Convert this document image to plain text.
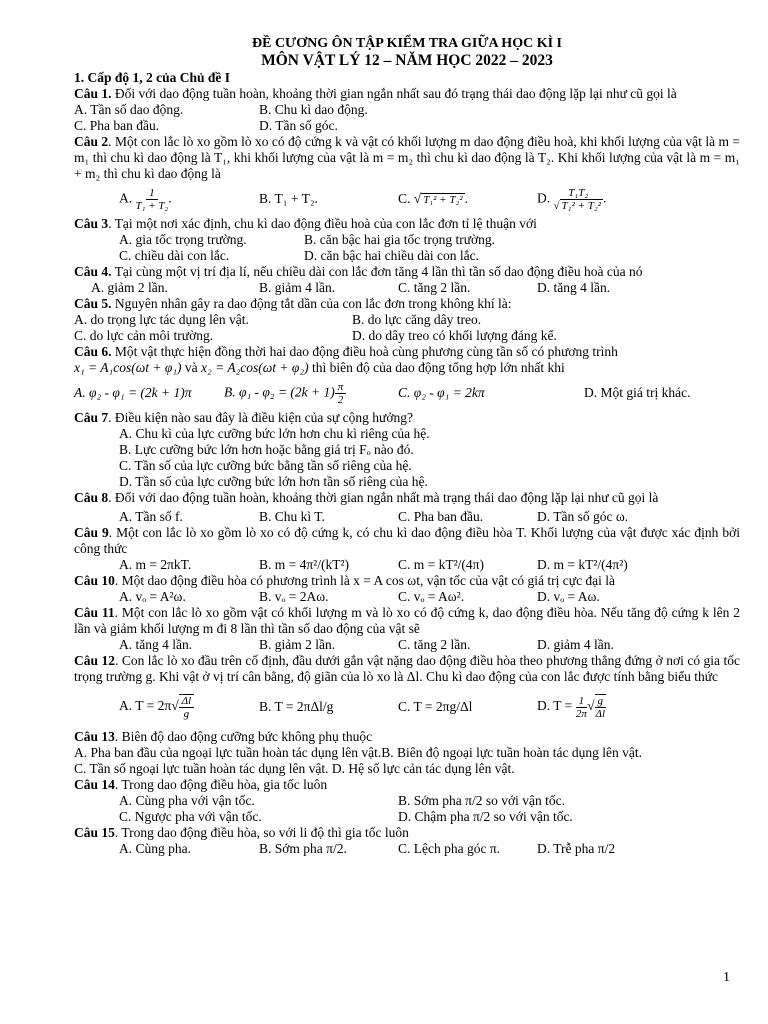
ĐỀ CƯƠNG ÔN TẬP KIỂM TRA GIỮA HỌC KÌ I
MÔN VẬT LÝ 12 – NĂM HỌC 2022 – 2023
1. Cấp độ 1, 2 của Chủ đề I
Câu 1. Đối với dao động tuần hoàn, khoảng thời gian ngắn nhất sau đó trạng thái dao động lặp lại như cũ gọi là
A. Tần số dao động.	B. Chu kì dao động.
C. Pha ban đầu.	D. Tần số góc.
Câu 2. Một con lắc lò xo gồm lò xo có độ cứng k và vật có khối lượng m dao động điều hoà, khi khối lượng của vật là m = m₁ thì chu kì dao động là T₁, khi khối lượng của vật là m = m₂ thì chu kì dao động là T₂. Khi khối lượng của vật là m = m₁ + m₂ thì chu kì dao động là
A. $\frac{1}{\text{T₁ + T₂}}$ .	B. T₁ + T₂.	C. √ T₁² + T₂² .	D. $\frac{\text{T₁T₂}}{\text{√ T₁² + T₂²}}$ .
Câu 3. Tại một nơi xác định, chu kì dao động điều hoà của con lắc đơn tỉ lệ thuận với
A. gia tốc trọng trường.	B. căn bậc hai gia tốc trọng trường.
C. chiều dài con lắc.	D. căn bậc hai chiều dài con lắc.
Câu 4. Tại cùng một vị trí địa lí, nếu chiều dài con lắc đơn tăng 4 lần thì tần số dao động điều hoà của nó
A. giảm 2 lần.	B. giảm 4 lần.	C. tăng 2 lần.	D. tăng 4 lần.
Câu 5. Nguyên nhân gây ra dao động tắt dần của con lắc đơn trong không khí là:
A. do trọng lực tác dụng lên vật.	B. do lực căng dây treo.
C. do lực cản môi trường.	D. do dây treo có khối lượng đáng kể.
Câu 6. Một vật thực hiện đồng thời hai dao động điều hoà cùng phương cùng tần số có phương trình
x₁ = A₁cos(ωt + φ₁) và x₂ = A₂cos(ωt + φ₂) thì biên độ của dao động tổng hợp lớn nhất khi
A. φ₂ - φ₁ = (2k + 1)π	B. $\varphi_1 - \varphi_2 = (2k + 1) \frac{\pi}{2}$	C. φ₂ - φ₁ = 2kπ	D. Một giá trị khác.
Câu 7. Điều kiện nào sau đây là điều kiện của sự cộng hưởng?
A. Chu kì của lực cưỡng bức lớn hơn chu kì riêng của hệ.
B. Lực cưỡng bức lớn hơn hoặc bằng giá trị Fₒ nào đó.
C. Tần số của lực cưỡng bức bằng tần số riêng của hệ.
D. Tần số của lực cưỡng bức lớn hơn tần số riêng của hệ.
Câu 8. Đối với dao động tuần hoàn, khoảng thời gian ngắn nhất mà trạng thái dao động lặp lại như cũ gọi là
A. Tần số f.	B. Chu kì T.	C. Pha ban đầu.	D. Tần số góc ω.
Câu 9. Một con lắc lò xo gồm lò xo có độ cứng k, có chu kì dao động điều hòa T. Khối lượng của vật được xác định bởi công thức
A. m = 2πkT.	B. m = 4π²/(kT²)	C. m = kT²/(4π)	D. m = kT²/(4π²)
Câu 10. Một dao động điều hòa có phương trình là x = A cos ωt, vận tốc của vật có giá trị cực đại là
A. vₒ = A²ω.	B. vₒ = 2Aω.	C. vₒ = Aω².	D. vₒ = Aω.
Câu 11. Một con lắc lò xo gồm vật có khối lượng m và lò xo có độ cứng k, dao động điều hòa. Nếu tăng độ cứng k lên 2 lần và giảm khối lượng m đi 8 lần thì tần số dao động của vật sẽ
A. tăng 4 lần.	B. giảm 2 lần.	C. tăng 2 lần.	D. giảm 4 lần.
Câu 12. Con lắc lò xo đầu trên cố định, đầu dưới gắn vật nặng dao động điều hòa theo phương thẳng đứng ở nơi có gia tốc trọng trường g. Khi vật ở vị trí cân bằng, độ giãn của lò xo là Δl. Chu kì dao động của con lắc được tính bằng biểu thức
A. $T = 2\pi√ \frac{\Delta l}{g}$	B. T = 2πΔl/g	C. T = 2πg/Δl	D. $T = \frac{1}{2\pi}$ √ $\frac{g}{\Delta l}$
Câu 13. Biên độ dao động cưỡng bức không phụ thuộc
A. Pha ban đầu của ngoại lực tuần hoàn tác dụng lên vật.B. Biên độ ngoại lực tuần hoàn tác dụng lên vật.
C. Tần số ngoại lực tuần hoàn tác dụng lên vật. D. Hệ số lực cản tác dụng lên vật.
Câu 14. Trong dao động điều hòa, gia tốc luôn
A. Cùng pha với vận tốc.	B. Sớm pha π/2 so với vận tốc.
C. Ngược pha với vận tốc.	D. Chậm pha π/2 so với vận tốc.
Câu 15. Trong dao động điều hòa, so với li độ thì gia tốc luôn
A. Cùng pha.	B. Sớm pha π/2.	C. Lệch pha góc π.	D. Trễ pha π/2
1
